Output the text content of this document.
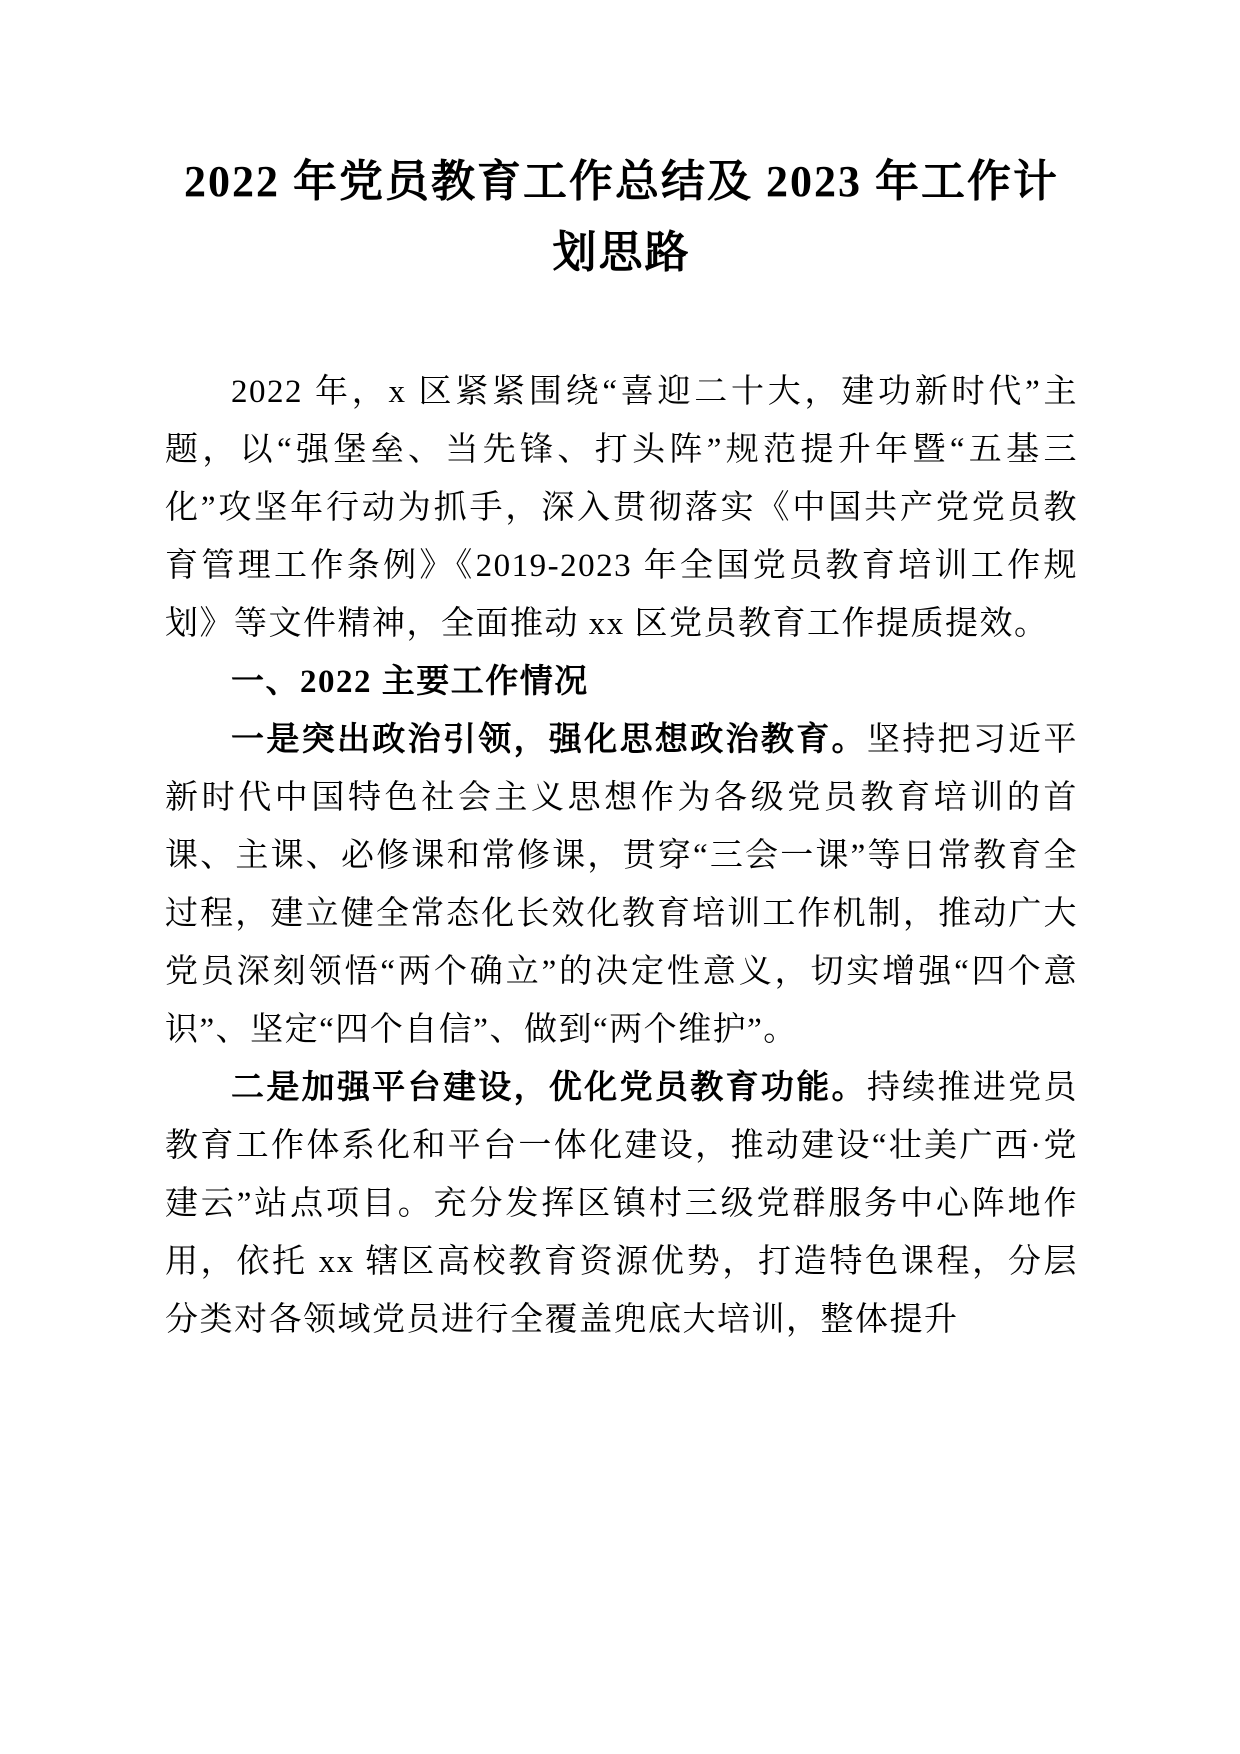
2022 年党员教育工作总结及 2023 年工作计划思路

2022 年，x 区紧紧围绕“喜迎二十大，建功新时代”主题，以“强堡垒、当先锋、打头阵”规范提升年暨“五基三化”攻坚年行动为抓手，深入贯彻落实《中国共产党党员教育管理工作条例》《2019-2023 年全国党员教育培训工作规划》等文件精神，全面推动 xx 区党员教育工作提质提效。

一、2022 主要工作情况

一是突出政治引领，强化思想政治教育。坚持把习近平新时代中国特色社会主义思想作为各级党员教育培训的首课、主课、必修课和常修课，贯穿“三会一课”等日常教育全过程，建立健全常态化长效化教育培训工作机制，推动广大党员深刻领悟“两个确立”的决定性意义，切实增强“四个意识”、坚定“四个自信”、做到“两个维护”。

二是加强平台建设，优化党员教育功能。持续推进党员教育工作体系化和平台一体化建设，推动建设“壮美广西·党建云”站点项目。充分发挥区镇村三级党群服务中心阵地作用，依托 xx 辖区高校教育资源优势，打造特色课程，分层分类对各领域党员进行全覆盖兜底大培训，整体提升
